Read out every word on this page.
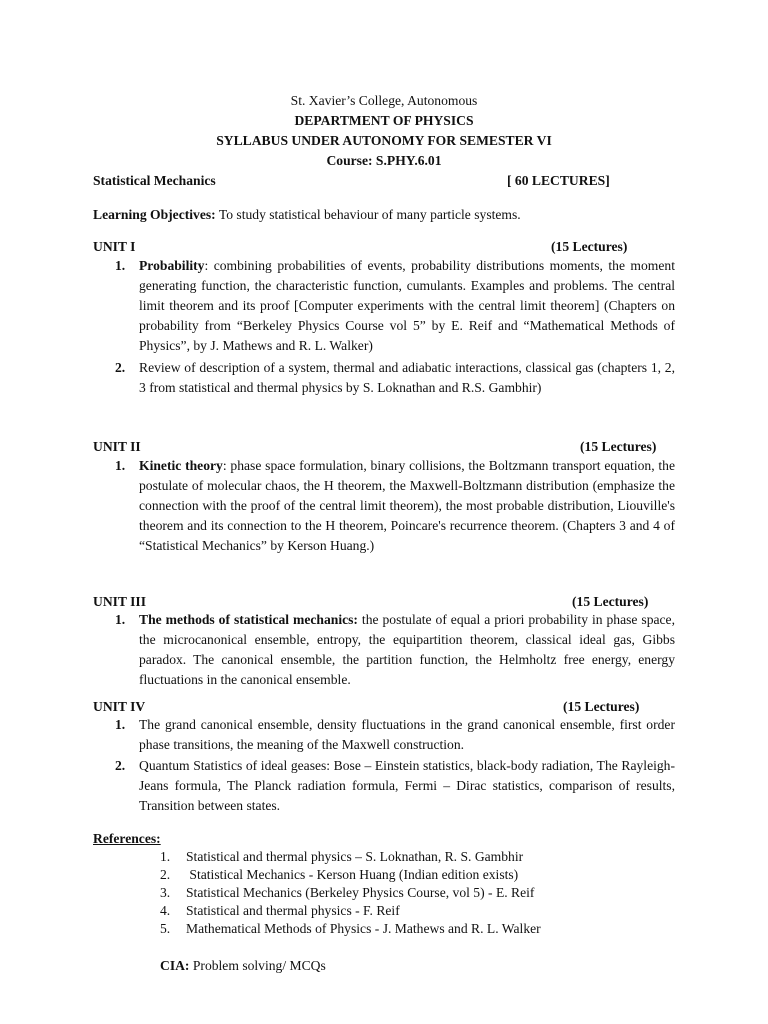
St. Xavier’s College, Autonomous
DEPARTMENT OF PHYSICS
SYLLABUS UNDER AUTONOMY FOR SEMESTER VI
Course: S.PHY.6.01
Statistical Mechanics	[ 60 LECTURES]
Learning Objectives: To study statistical behaviour of many particle systems.
UNIT I	(15 Lectures)
1. Probability: combining probabilities of events, probability distributions moments, the moment generating function, the characteristic function, cumulants. Examples and problems. The central limit theorem and its proof [Computer experiments with the central limit theorem] (Chapters on probability from “Berkeley Physics Course vol 5” by E. Reif and “Mathematical Methods of Physics”, by J. Mathews and R. L. Walker)
2. Review of description of a system, thermal and adiabatic interactions, classical gas (chapters 1, 2, 3 from statistical and thermal physics by S. Loknathan and R.S. Gambhir)
UNIT II	(15 Lectures)
1. Kinetic theory: phase space formulation, binary collisions, the Boltzmann transport equation, the postulate of molecular chaos, the H theorem, the Maxwell-Boltzmann distribution (emphasize the connection with the proof of the central limit theorem), the most probable distribution, Liouville's theorem and its connection to the H theorem, Poincare's recurrence theorem. (Chapters 3 and 4 of “Statistical Mechanics” by Kerson Huang.)
UNIT III	(15 Lectures)
1. The methods of statistical mechanics: the postulate of equal a priori probability in phase space, the microcanonical ensemble, entropy, the equipartition theorem, classical ideal gas, Gibbs paradox. The canonical ensemble, the partition function, the Helmholtz free energy, energy fluctuations in the canonical ensemble.
UNIT IV	(15 Lectures)
1. The grand canonical ensemble, density fluctuations in the grand canonical ensemble, first order phase transitions, the meaning of the Maxwell construction.
2. Quantum Statistics of ideal geases: Bose – Einstein statistics, black-body radiation, The Rayleigh-Jeans formula, The Planck radiation formula, Fermi – Dirac statistics, comparison of results, Transition between states.
References:
1. Statistical and thermal physics – S. Loknathan, R. S. Gambhir
2. Statistical Mechanics - Kerson Huang (Indian edition exists)
3. Statistical Mechanics (Berkeley Physics Course, vol 5) - E. Reif
4. Statistical and thermal physics - F. Reif
5. Mathematical Methods of Physics - J. Mathews and R. L. Walker
CIA: Problem solving/ MCQs
